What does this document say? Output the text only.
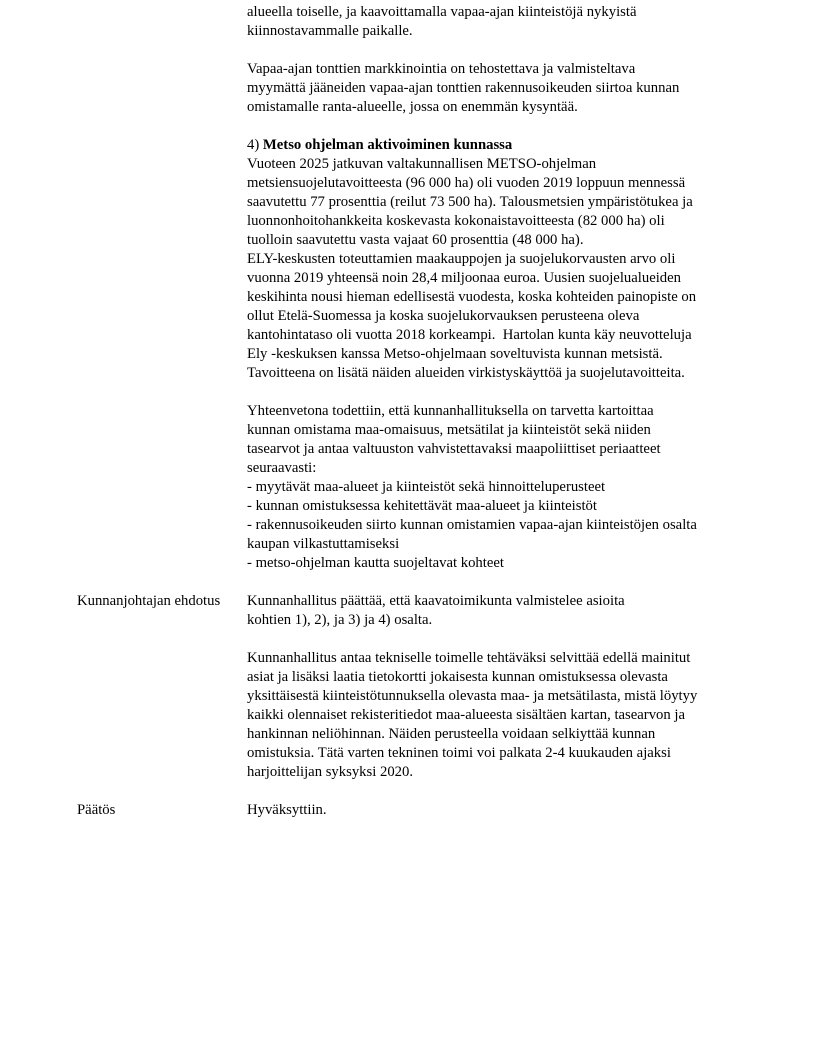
alueella toiselle, ja kaavoittamalla vapaa-ajan kiinteistöjä nykyistä
kiinnostavammalle paikalle.
Vapaa-ajan tonttien markkinointia on tehostettava ja valmisteltava
myymättä jääneiden vapaa-ajan tonttien rakennusoikeuden siirtoa kunnan
omistamalle ranta-alueelle, jossa on enemmän kysyntää.
4) Metso ohjelman aktivoiminen kunnassa
Vuoteen 2025 jatkuvan valtakunnallisen METSO-ohjelman
metsiensuojelutavoitteesta (96 000 ha) oli vuoden 2019 loppuun mennessä
saavutettu 77 prosenttia (reilut 73 500 ha). Talousmetsien ympäristötukea ja
luonnonhoitohankkeita koskevasta kokonaistavoitteesta (82 000 ha) oli
tuolloin saavutettu vasta vajaat 60 prosenttia (48 000 ha).
ELY-keskusten toteuttamien maakauppojen ja suojelukorvausten arvo oli
vuonna 2019 yhteensä noin 28,4 miljoonaa euroa. Uusien suojelualueiden
keskihinta nousi hieman edellisestä vuodesta, koska kohteiden painopiste on
ollut Etelä-Suomessa ja koska suojelukorvauksen perusteena oleva
kantohintataso oli vuotta 2018 korkeampi.  Hartolan kunta käy neuvotteluja
Ely -keskuksen kanssa Metso-ohjelmaan soveltuvista kunnan metsistä.
Tavoitteena on lisätä näiden alueiden virkistyskäyttöä ja suojelutavoitteita.
Yhteenvetona todettiin, että kunnanhallituksella on tarvetta kartoittaa
kunnan omistama maa-omaisuus, metsätilat ja kiinteistöt sekä niiden
tasearvot ja antaa valtuuston vahvistettavaksi maapoliittiset periaatteet
seuraavasti:
- myytävät maa-alueet ja kiinteistöt sekä hinnoitteluperusteet
- kunnan omistuksessa kehitettävät maa-alueet ja kiinteistöt
- rakennusoikeuden siirto kunnan omistamien vapaa-ajan kiinteistöjen osalta
kaupan vilkastuttamiseksi
- metso-ohjelman kautta suojeltavat kohteet
Kunnanjohtajan ehdotus	Kunnanhallitus päättää, että kaavatoimikunta valmistelee asioita
kohtien 1), 2), ja 3) ja 4) osalta.
Kunnanhallitus antaa tekniselle toimelle tehtäväksi selvittää edellä mainitut
asiat ja lisäksi laatia tietokortti jokaisesta kunnan omistuksessa olevasta
yksittäisestä kiinteistötunnuksella olevasta maa- ja metsätilasta, mistä löytyy
kaikki olennaiset rekisteritiedot maa-alueesta sisältäen kartan, tasearvon ja
hankinnan neliöhinnan. Näiden perusteella voidaan selkiyttää kunnan
omistuksia. Tätä varten tekninen toimi voi palkata 2-4 kuukauden ajaksi
harjoittelijan syksyksi 2020.
Päätös	Hyväksyttiin.
